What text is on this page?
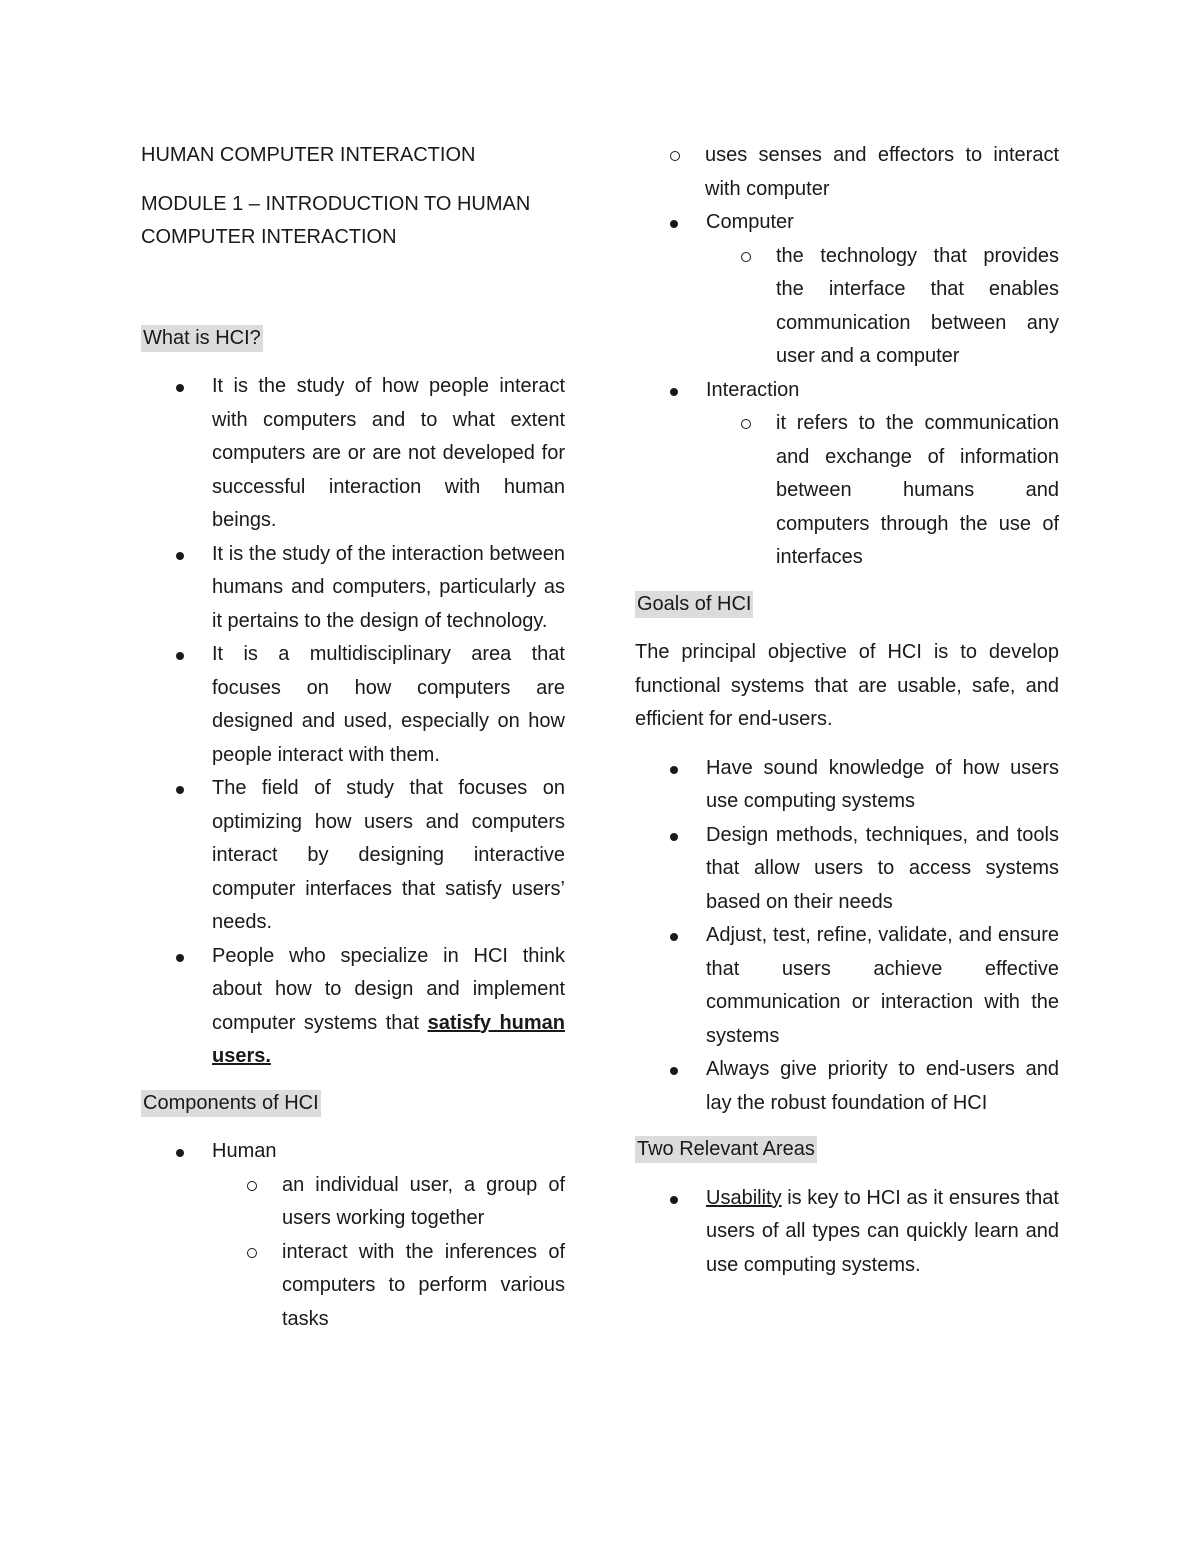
HUMAN COMPUTER INTERACTION

MODULE 1 – INTRODUCTION TO HUMAN COMPUTER INTERACTION

What is HCI?

It is the study of how people interact with computers and to what extent computers are or are not developed for successful interaction with human beings.
It is the study of the interaction between humans and computers, particularly as it pertains to the design of technology.
It is a multidisciplinary area that focuses on how computers are designed and used, especially on how people interact with them.
The field of study that focuses on optimizing how users and computers interact by designing interactive computer interfaces that satisfy users’ needs.
People who specialize in HCI think about how to design and implement computer systems that satisfy human users.

Components of HCI

Human
an individual user, a group of users working together
interact with the inferences of computers to perform various tasks
uses senses and effectors to interact with computer
Computer
the technology that provides the interface that enables communication between any user and a computer
Interaction
it refers to the communication and exchange of information between humans and computers through the use of interfaces

Goals of HCI

The principal objective of HCI is to develop functional systems that are usable, safe, and efficient for end-users.

Have sound knowledge of how users use computing systems
Design methods, techniques, and tools that allow users to access systems based on their needs
Adjust, test, refine, validate, and ensure that users achieve effective communication or interaction with the systems
Always give priority to end-users and lay the robust foundation of HCI

Two Relevant Areas

Usability is key to HCI as it ensures that users of all types can quickly learn and use computing systems.
